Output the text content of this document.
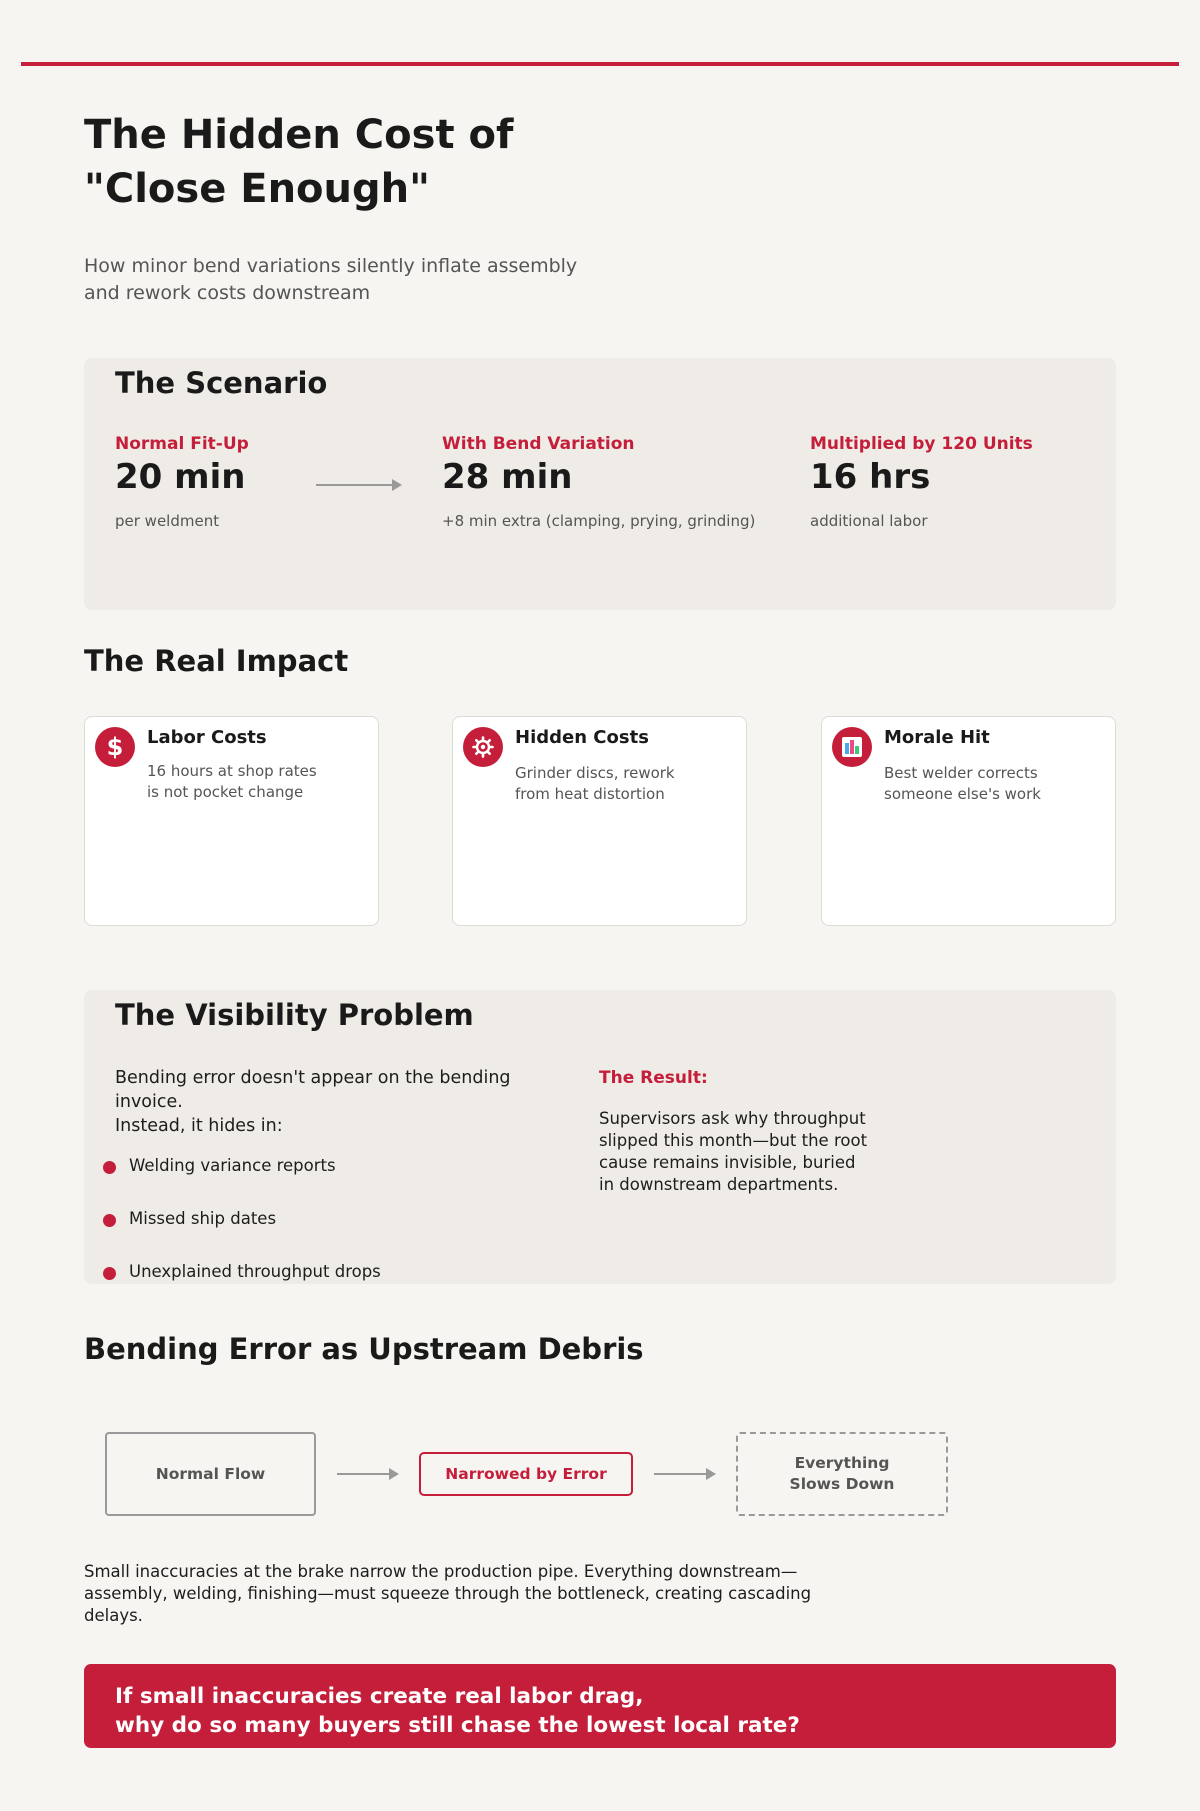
The Hidden Cost of
"Close Enough"

How minor bend variations silently inflate assembly
and rework costs downstream

The Scenario
Normal Fit-Up
20 min
per weldment
With Bend Variation
28 min
+8 min extra (clamping, prying, grinding)
Multiplied by 120 Units
16 hrs
additional labor
The Real Impact
$	Labor Costs
16 hours at shop rates
is not pocket change
Hidden Costs
Grinder discs, rework
from heat distortion
Morale Hit
Best welder corrects
someone else's work
The Visibility Problem
Bending error doesn't appear on the bending invoice.
Instead, it hides in:
Welding variance reports
Missed ship dates
Unexplained throughput drops
The Result:
Supervisors ask why throughput
slipped this month—but the root
cause remains invisible, buried
in downstream departments.
Bending Error as Upstream Debris
Normal Flow	Narrowed by Error
Everything
Slows Down

Small inaccuracies at the brake narrow the production pipe. Everything downstream—
assembly, welding, finishing—must squeeze through the bottleneck, creating cascading delays.

If small inaccuracies create real labor drag,
why do so many buyers still chase the lowest local rate?
